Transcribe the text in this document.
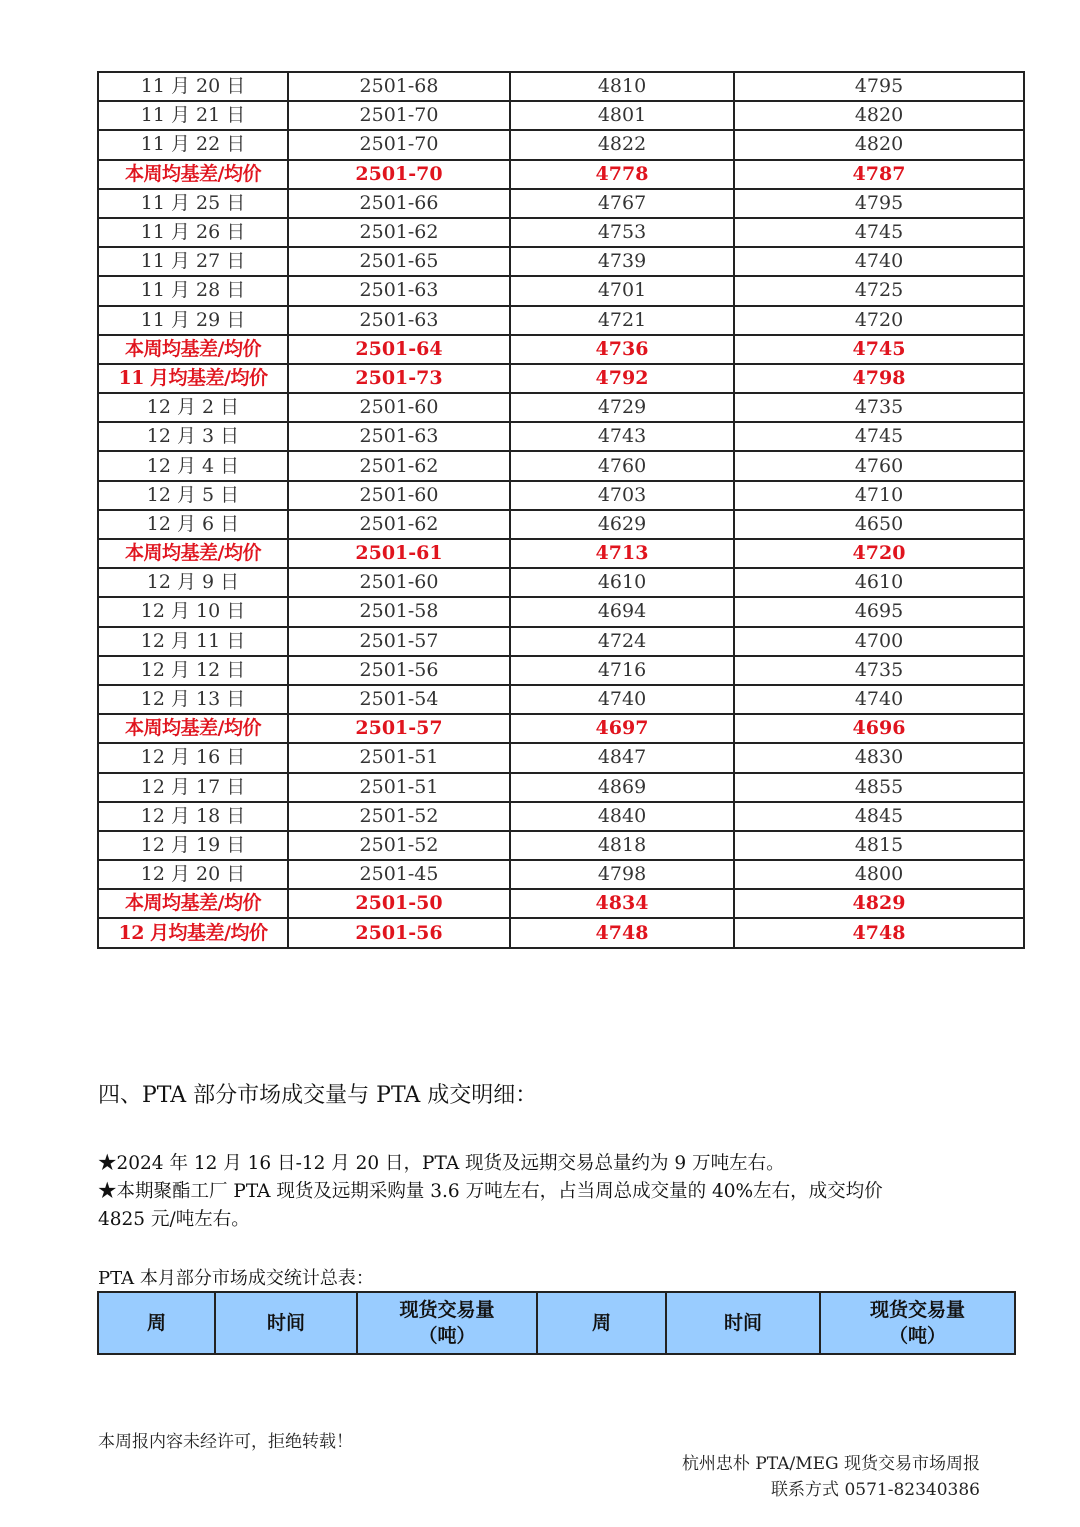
11 月 20 日	2501-68	4810	4795
11 月 21 日	2501-70	4801	4820
11 月 22 日	2501-70	4822	4820
本周均基差/均价	2501-70	4778	4787
11 月 25 日	2501-66	4767	4795
11 月 26 日	2501-62	4753	4745
11 月 27 日	2501-65	4739	4740
11 月 28 日	2501-63	4701	4725
11 月 29 日	2501-63	4721	4720
本周均基差/均价	2501-64	4736	4745
11 月均基差/均价	2501-73	4792	4798
12 月 2 日	2501-60	4729	4735
12 月 3 日	2501-63	4743	4745
12 月 4 日	2501-62	4760	4760
12 月 5 日	2501-60	4703	4710
12 月 6 日	2501-62	4629	4650
本周均基差/均价	2501-61	4713	4720
12 月 9 日	2501-60	4610	4610
12 月 10 日	2501-58	4694	4695
12 月 11 日	2501-57	4724	4700
12 月 12 日	2501-56	4716	4735
12 月 13 日	2501-54	4740	4740
本周均基差/均价	2501-57	4697	4696
12 月 16 日	2501-51	4847	4830
12 月 17 日	2501-51	4869	4855
12 月 18 日	2501-52	4840	4845
12 月 19 日	2501-52	4818	4815
12 月 20 日	2501-45	4798	4800
本周均基差/均价	2501-50	4834	4829
12 月均基差/均价	2501-56	4748	4748
四、PTA 部分市场成交量与 PTA 成交明细：
★2024 年 12 月 16 日-12 月 20 日，PTA 现货及远期交易总量约为 9 万吨左右。
★本期聚酯工厂 PTA 现货及远期采购量 3.6 万吨左右，占当周总成交量的 40%左右，成交均价
4825 元/吨左右。
PTA 本月部分市场成交统计总表：
周	时间	现货交易量
（吨）	周	时间	现货交易量
（吨）
本周报内容未经许可，拒绝转载！
杭州忠朴 PTA/MEG 现货交易市场周报
联系方式 0571-82340386
